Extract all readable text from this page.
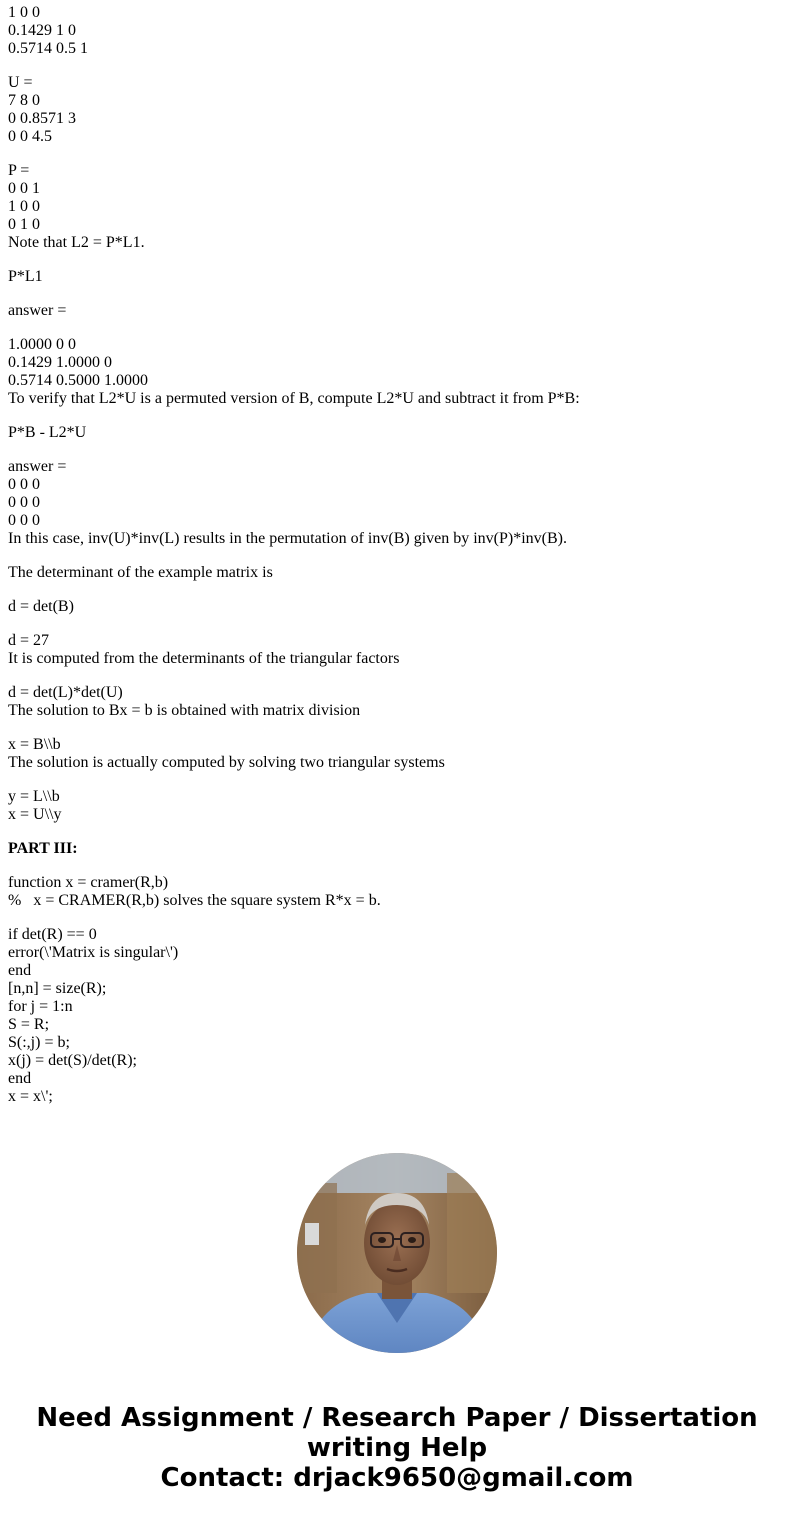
1 0 0
0.1429 1 0
0.5714 0.5 1
U =
7 8 0
0 0.8571 3
0 0 4.5
P =
0 0 1
1 0 0
0 1 0
Note that L2 = P*L1.
P*L1
answer =
1.0000 0 0
0.1429 1.0000 0
0.5714 0.5000 1.0000
To verify that L2*U is a permuted version of B, compute L2*U and subtract it from P*B:
P*B - L2*U
answer =
0 0 0
0 0 0
0 0 0
In this case, inv(U)*inv(L) results in the permutation of inv(B) given by inv(P)*inv(B).
The determinant of the example matrix is
d = det(B)
d = 27
It is computed from the determinants of the triangular factors
d = det(L)*det(U)
The solution to Bx = b is obtained with matrix division
x = B\\b
The solution is actually computed by solving two triangular systems
y = L\\b
x = U\\y
PART III:
function x = cramer(R,b)
%   x = CRAMER(R,b) solves the square system R*x = b.
if det(R) == 0
error(\'Matrix is singular\')
end
[n,n] = size(R);
for j = 1:n
S = R;
S(:,j) = b;
x(j) = det(S)/det(R);
end
x = x\';
Need Assignment / Research Paper / Dissertation
writing Help
Contact: drjack9650@gmail.com
